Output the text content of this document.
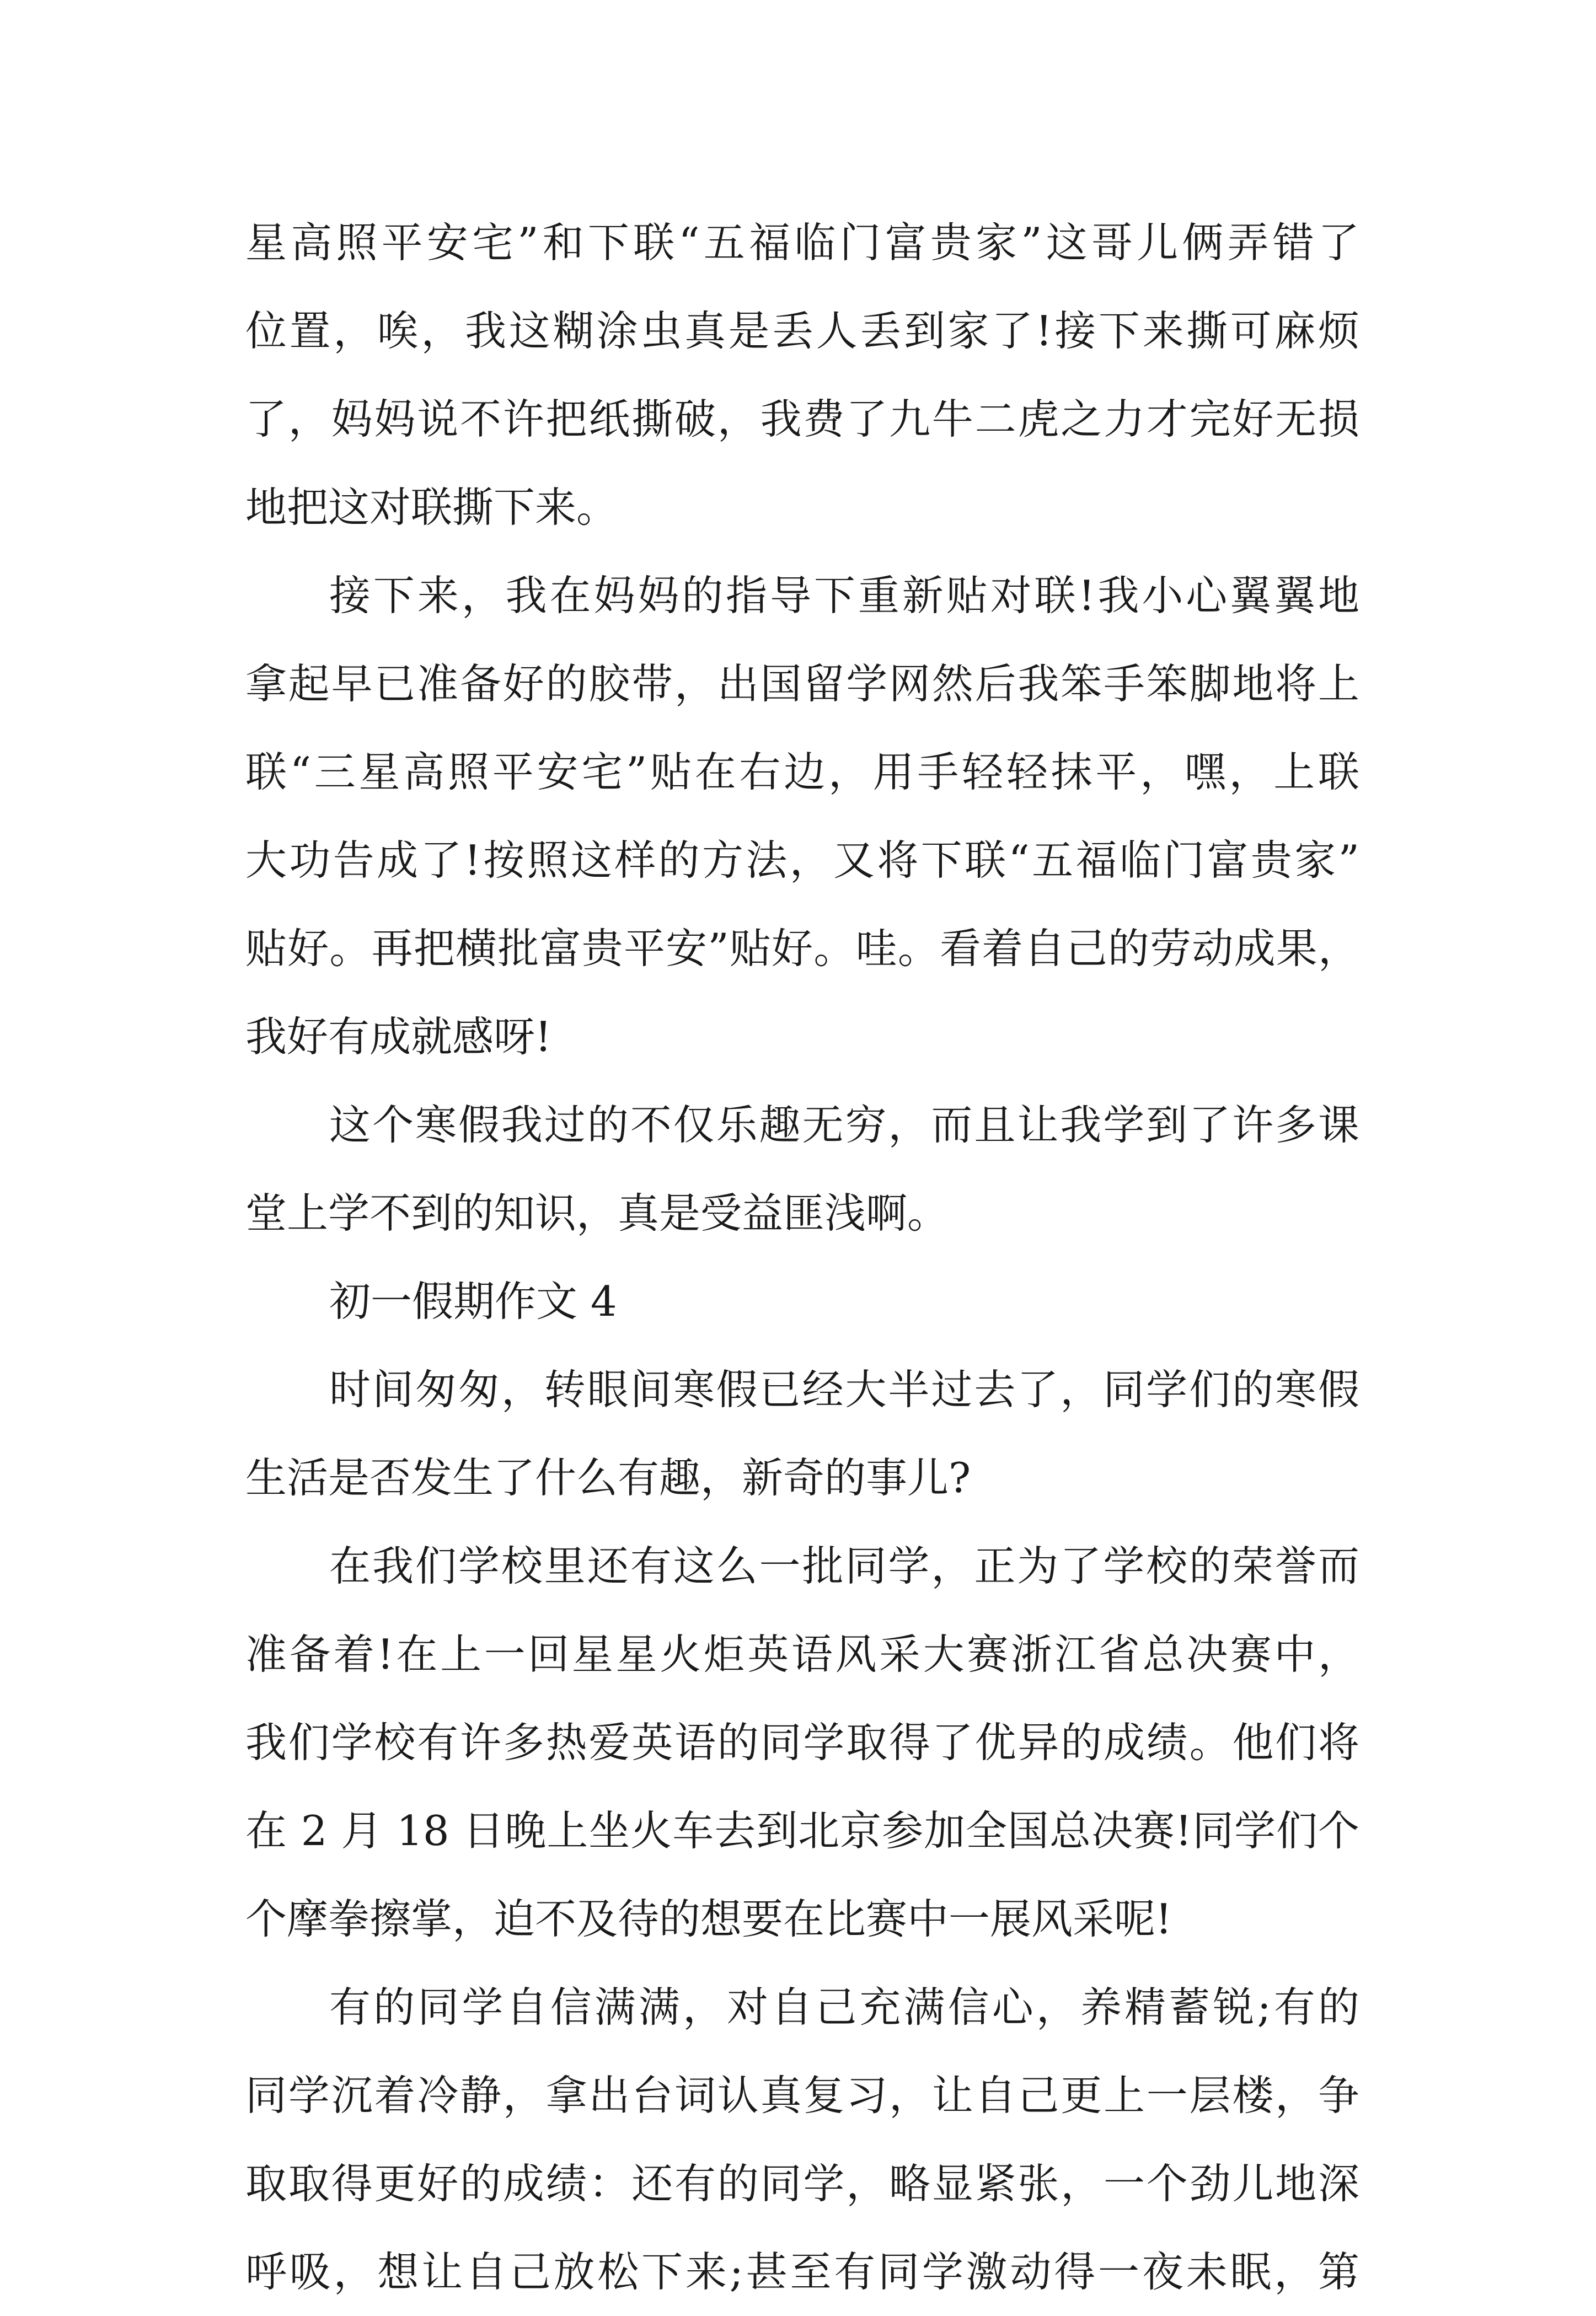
星高照平安宅”和下联“五福临门富贵家”这哥儿俩弄错了
位置，唉，我这糊涂虫真是丢人丢到家了!接下来撕可麻烦
了，妈妈说不许把纸撕破，我费了九牛二虎之力才完好无损
地把这对联撕下来。
接下来，我在妈妈的指导下重新贴对联!我小心翼翼地
拿起早已准备好的胶带，出国留学网然后我笨手笨脚地将上
联“三星高照平安宅”贴在右边，用手轻轻抹平，嘿，上联
大功告成了!按照这样的方法，又将下联“五福临门富贵家”
贴好。再把横批富贵平安”贴好。哇。看着自己的劳动成果，
我好有成就感呀!
这个寒假我过的不仅乐趣无穷，而且让我学到了许多课
堂上学不到的知识，真是受益匪浅啊。
初一假期作文 4
时间匆匆，转眼间寒假已经大半过去了，同学们的寒假
生活是否发生了什么有趣，新奇的事儿?
在我们学校里还有这么一批同学，正为了学校的荣誉而
准备着!在上一回星星火炬英语风采大赛浙江省总决赛中，
我们学校有许多热爱英语的同学取得了优异的成绩。他们将
在 2 月 18 日晚上坐火车去到北京参加全国总决赛!同学们个
个摩拳擦掌，迫不及待的想要在比赛中一展风采呢!
有的同学自信满满，对自己充满信心，养精蓄锐;有的
同学沉着冷静，拿出台词认真复习，让自己更上一层楼，争
取取得更好的成绩：还有的同学，略显紧张，一个劲儿地深
呼吸，想让自己放松下来;甚至有同学激动得一夜未眠，第
